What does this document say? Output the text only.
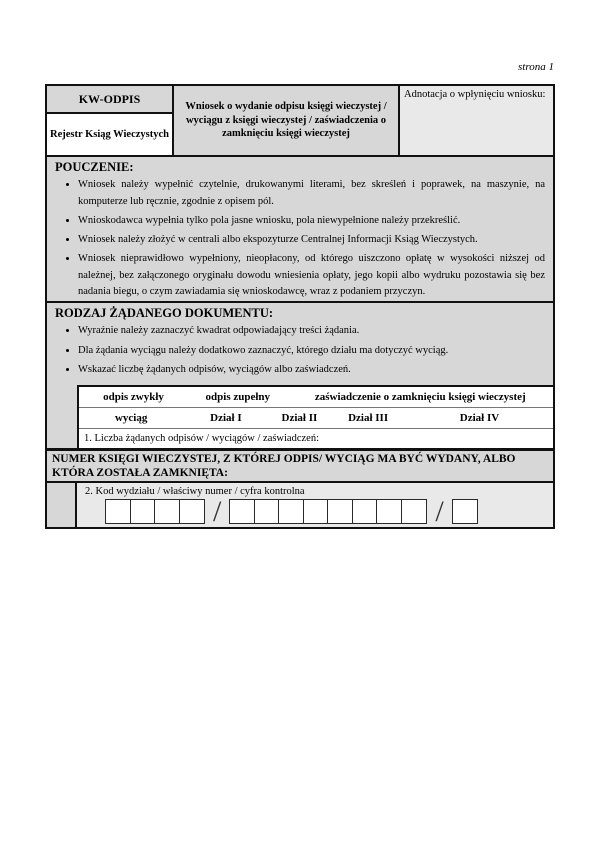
strona 1
KW-ODPIS
Rejestr Ksiąg Wieczystych
Wniosek o wydanie odpisu księgi wieczystej / wyciągu z księgi wieczystej / zaświadczenia o zamknięciu księgi wieczystej
Adnotacja o wpłynięciu wniosku:
POUCZENIE:
• Wniosek należy wypełnić czytelnie, drukowanymi literami, bez skreśleń i poprawek, na maszynie, na komputerze lub ręcznie, zgodnie z opisem pól.
• Wnioskodawca wypełnia tylko pola jasne wniosku, pola niewypełnione należy przekreślić.
• Wniosek należy złożyć w centrali albo ekspozyturze Centralnej Informacji Ksiąg Wieczystych.
• Wniosek nieprawidłowo wypełniony, nieopłacony, od którego uiszczono opłatę w wysokości niższej od należnej, bez załączonego oryginału dowodu wniesienia opłaty, jego kopii albo wydruku pozostawia się bez nadania biegu, o czym zawiadamia się wnioskodawcę, wraz z podaniem przyczyn.
RODZAJ ŻĄDANEGO DOKUMENTU:
• Wyraźnie należy zaznaczyć kwadrat odpowiadający treści żądania.
• Dla żądania wyciągu należy dodatkowo zaznaczyć, którego działu ma dotyczyć wyciąg.
• Wskazać liczbę żądanych odpisów, wyciągów albo zaświadczeń.
odpis zwykły	odpis zupełny	zaświadczenie o zamknięciu księgi wieczystej
wyciąg	Dział I	Dział II	Dział III	Dział IV
1. Liczba żądanych odpisów / wyciągów / zaświadczeń:
NUMER KSIĘGI WIECZYSTEJ, Z KTÓREJ ODPIS/ WYCIĄG MA BYĆ WYDANY, ALBO KTÓRA ZOSTAŁA ZAMKNIĘTA:
2. Kod wydziału / właściwy numer / cyfra kontrolna
/	/
